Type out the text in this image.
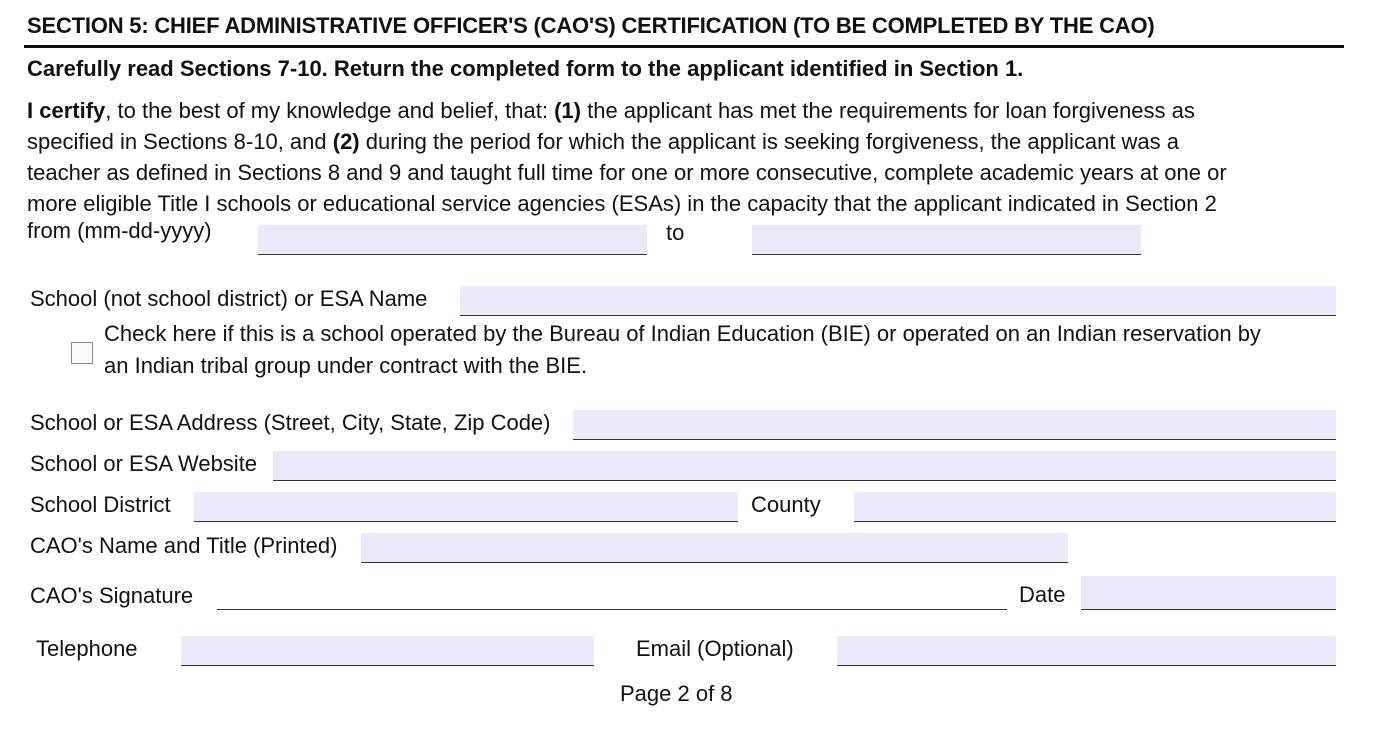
SECTION 5: CHIEF ADMINISTRATIVE OFFICER'S (CAO'S) CERTIFICATION (TO BE COMPLETED BY THE CAO)
Carefully read Sections 7-10. Return the completed form to the applicant identified in Section 1.
I certify, to the best of my knowledge and belief, that: (1) the applicant has met the requirements for loan forgiveness as
specified in Sections 8-10, and (2) during the period for which the applicant is seeking forgiveness, the applicant was a
teacher as defined in Sections 8 and 9 and taught full time for one or more consecutive, complete academic years at one or
more eligible Title I schools or educational service agencies (ESAs) in the capacity that the applicant indicated in Section 2
from (mm-dd-yyyy)	to
School (not school district) or ESA Name
Check here if this is a school operated by the Bureau of Indian Education (BIE) or operated on an Indian reservation by
an Indian tribal group under contract with the BIE.
School or ESA Address (Street, City, State, Zip Code)
School or ESA Website
School District	County
CAO's Name and Title (Printed)
CAO's Signature	Date
Telephone	Email (Optional)
Page 2 of 8
